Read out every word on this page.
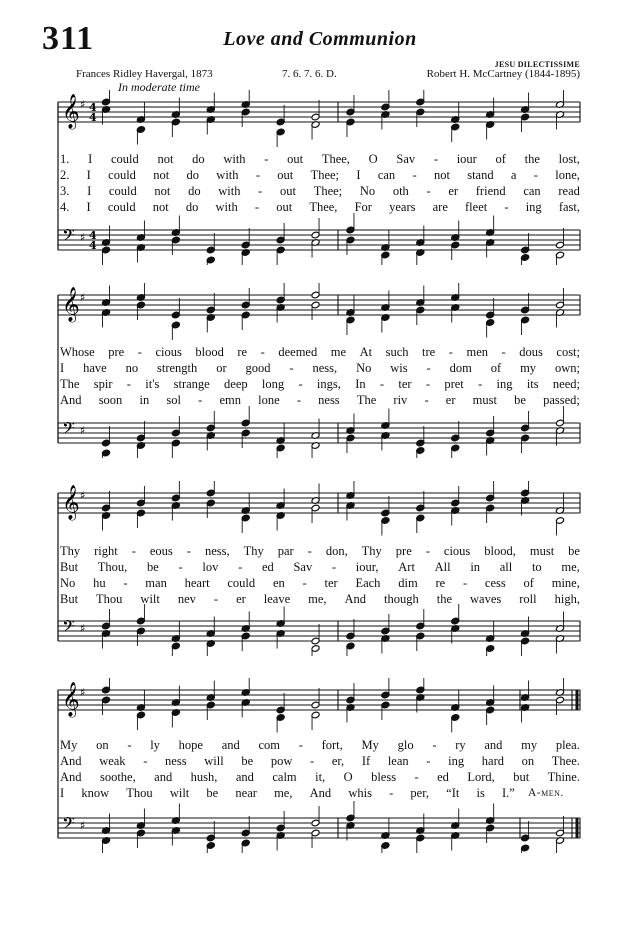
311	Love and Communion
JESU DILECTISSIME
Frances Ridley Havergal, 1873	7. 6. 7. 6. D.	Robert H. McCartney (1844-1895)
In moderate time
𝄞 ♯ 4
4
𝄢 ♯ 4
4
1. I could not do with - out Thee, O Sav - iour of the lost,
2. I could not do with - out Thee; I can - not stand a - lone,
3. I could not do with - out Thee; No oth - er friend can read
4. I could not do with - out Thee, For years are fleet - ing fast,
𝄞 ♯
𝄢 ♯
Whose pre - cious blood re - deemed me At such tre - men - dous cost;
I have no strength or good - ness, No wis - dom of my own;
The spir - it's strange deep long - ings, In - ter - pret - ing its need;
And soon in sol - emn lone - ness The riv - er must be passed;
𝄞 ♯
𝄢 ♯
Thy right - eous - ness, Thy par - don, Thy pre - cious blood, must be
But Thou, be - lov - ed Sav - iour, Art All in all to me,
No hu - man heart could en - ter Each dim re - cess of mine,
But Thou wilt nev - er leave me, And though the waves roll high,
𝄞 ♯
𝄢 ♯
My on - ly hope and com - fort, My glo - ry and my plea.
And weak - ness will be pow - er, If lean - ing hard on Thee.
And soothe, and hush, and calm it, O bless - ed Lord, but Thine.
I know Thou wilt be near me, And whis - per, “It is I.” A-men.
